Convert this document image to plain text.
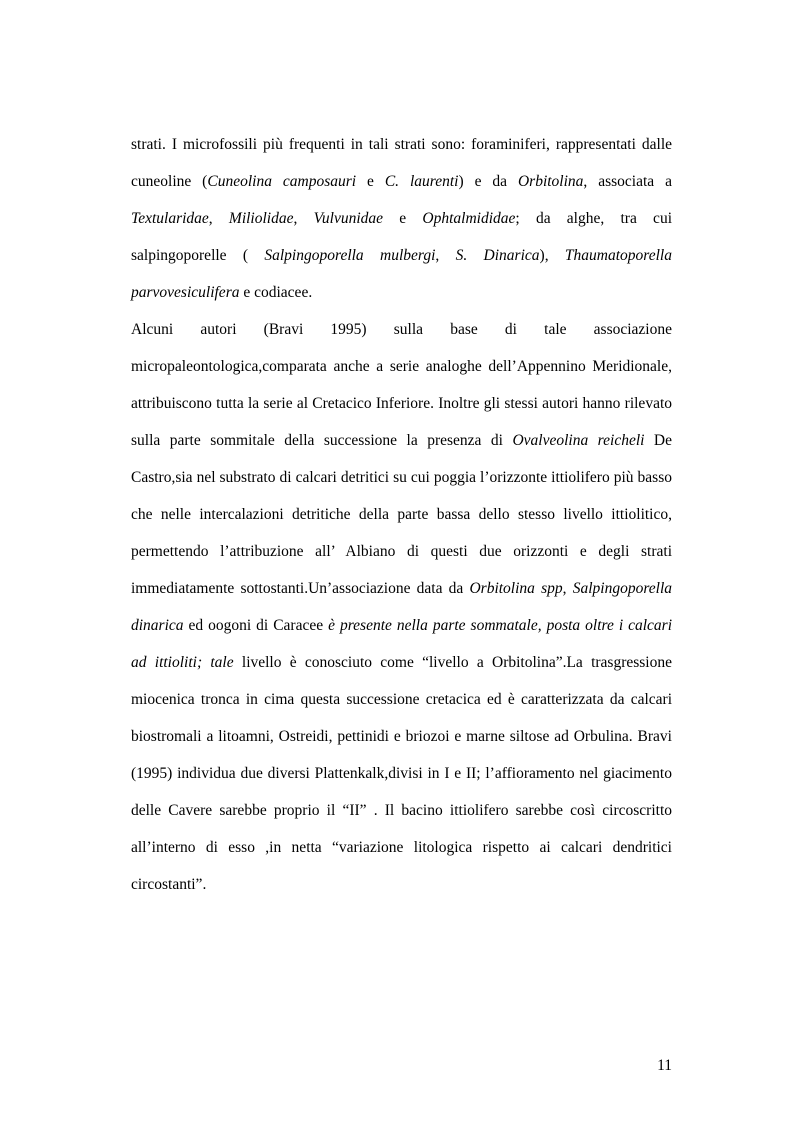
strati. I microfossili più frequenti in tali strati sono: foraminiferi, rappresentati dalle cuneoline (Cuneolina camposauri e C. laurenti) e da Orbitolina, associata a Textularidae, Miliolidae, Vulvunidae e Ophtalmididae; da alghe, tra cui salpingoporelle ( Salpingoporella mulbergi, S. Dinarica), Thaumatoporella parvovesiculifera e codiacee.

Alcuni autori (Bravi 1995) sulla base di tale associazione micropaleontologica,comparata anche a serie analoghe dell’Appennino Meridionale, attribuiscono tutta la serie al Cretacico Inferiore. Inoltre gli stessi autori hanno rilevato sulla parte sommitale della successione la presenza di Ovalveolina reicheli De Castro,sia nel substrato di calcari detritici su cui poggia l’orizzonte ittiolifero più basso che nelle intercalazioni detritiche della parte bassa dello stesso livello ittiolitico, permettendo l’attribuzione all’ Albiano di questi due orizzonti e degli strati immediatamente sottostanti.Un’associazione data da Orbitolina spp, Salpingoporella dinarica ed oogoni di Caracee è presente nella parte sommatale, posta oltre i calcari ad ittioliti; tale livello è conosciuto come “livello a Orbitolina”.La trasgressione miocenica tronca in cima questa successione cretacica ed è caratterizzata da calcari biostromali a litoamni, Ostreidi, pettinidi e briozoi e marne siltose ad Orbulina. Bravi (1995) individua due diversi Plattenkalk,divisi in I e II; l’affioramento nel giacimento delle Cavere sarebbe proprio il “II” . Il bacino ittiolifero sarebbe così circoscritto all’interno di esso ,in netta “variazione litologica rispetto ai calcari dendritici circostanti”.

11
